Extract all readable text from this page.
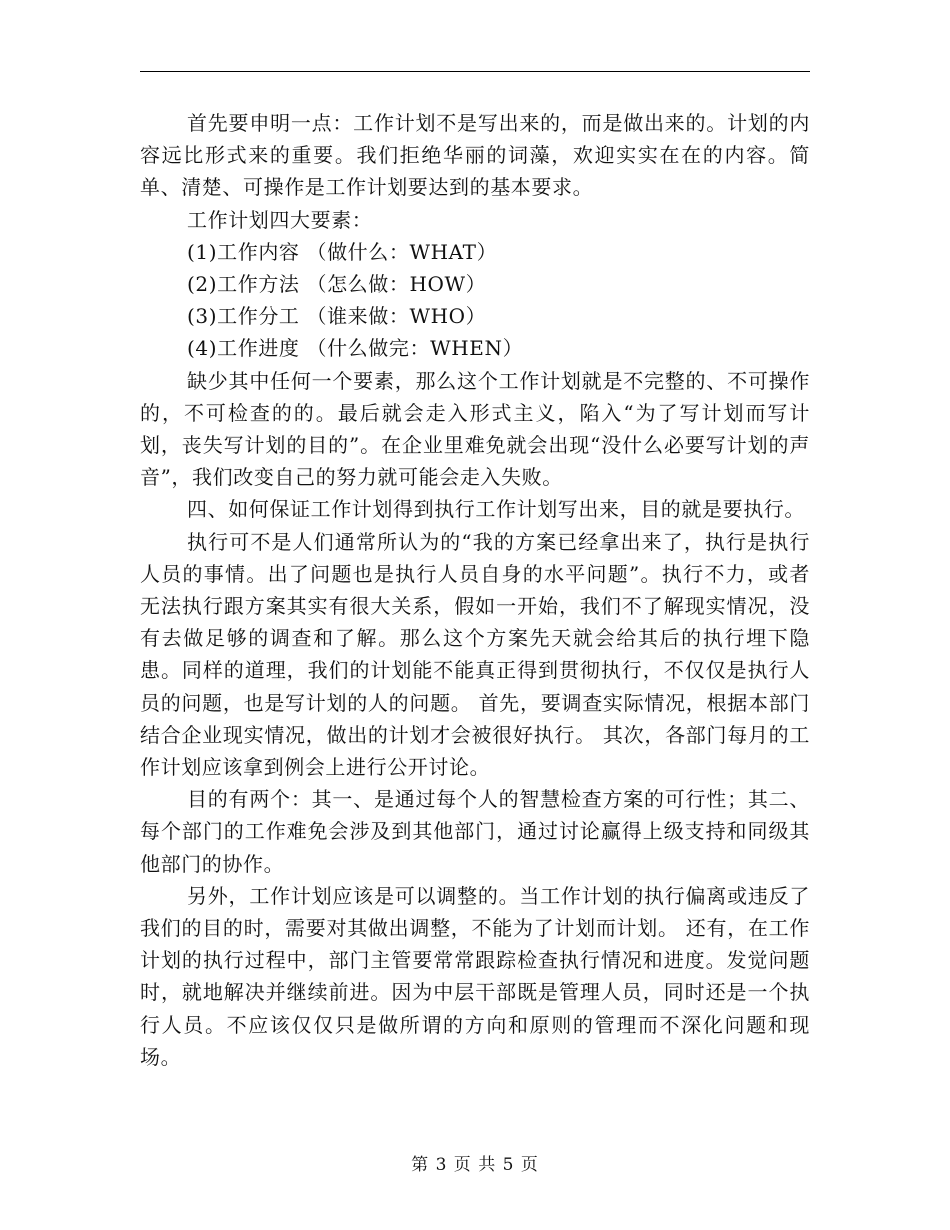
首先要申明一点：工作计划不是写出来的，而是做出来的。计划的内容远比形式来的重要。我们拒绝华丽的词藻，欢迎实实在在的内容。简单、清楚、可操作是工作计划要达到的基本要求。

工作计划四大要素：

(1)工作内容 （做什么：WHAT）

(2)工作方法 （怎么做：HOW）

(3)工作分工 （谁来做：WHO）

(4)工作进度 （什么做完：WHEN）

缺少其中任何一个要素，那么这个工作计划就是不完整的、不可操作的，不可检查的的。最后就会走入形式主义，陷入“为了写计划而写计划，丧失写计划的目的”。在企业里难免就会出现“没什么必要写计划的声音”，我们改变自己的努力就可能会走入失败。

四、如何保证工作计划得到执行工作计划写出来，目的就是要执行。

执行可不是人们通常所认为的“我的方案已经拿出来了，执行是执行人员的事情。出了问题也是执行人员自身的水平问题”。执行不力，或者无法执行跟方案其实有很大关系，假如一开始，我们不了解现实情况，没有去做足够的调查和了解。那么这个方案先天就会给其后的执行埋下隐患。同样的道理，我们的计划能不能真正得到贯彻执行，不仅仅是执行人员的问题，也是写计划的人的问题。 首先，要调查实际情况，根据本部门结合企业现实情况，做出的计划才会被很好执行。 其次，各部门每月的工作计划应该拿到例会上进行公开讨论。

目的有两个：其一、是通过每个人的智慧检查方案的可行性；其二、每个部门的工作难免会涉及到其他部门，通过讨论赢得上级支持和同级其他部门的协作。

另外，工作计划应该是可以调整的。当工作计划的执行偏离或违反了我们的目的时，需要对其做出调整，不能为了计划而计划。 还有，在工作计划的执行过程中，部门主管要常常跟踪检查执行情况和进度。发觉问题时，就地解决并继续前进。因为中层干部既是管理人员，同时还是一个执行人员。不应该仅仅只是做所谓的方向和原则的管理而不深化问题和现场。

第 3 页 共 5 页
